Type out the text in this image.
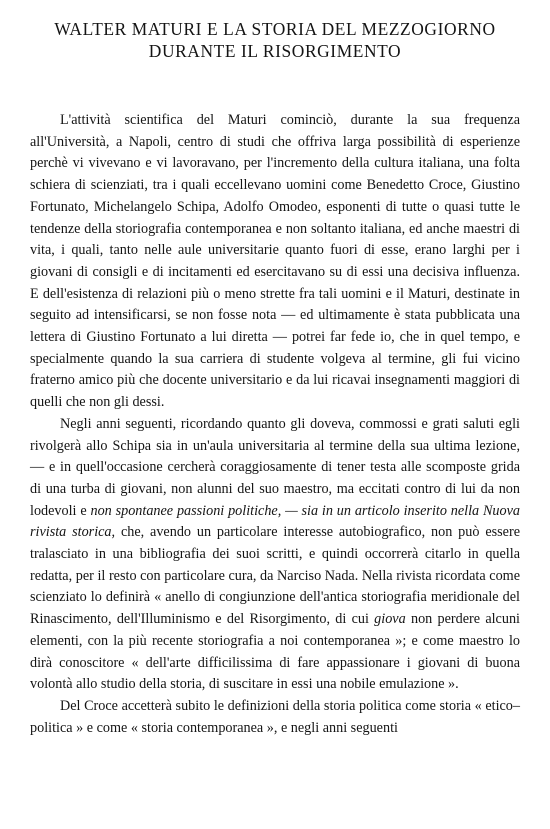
WALTER MATURI E LA STORIA DEL MEZZOGIORNO
DURANTE IL RISORGIMENTO

L'attività scientifica del Maturi cominciò, durante la sua frequenza all'Università, a Napoli, centro di studi che offriva larga possibilità di esperienze perchè vi vivevano e vi lavoravano, per l'incremento della cultura italiana, una folta schiera di scienziati, tra i quali eccellevano uomini come Benedetto Croce, Giustino Fortunato, Michelangelo Schipa, Adolfo Omodeo, esponenti di tutte o quasi tutte le tendenze della storiografia contemporanea e non soltanto italiana, ed anche maestri di vita, i quali, tanto nelle aule universitarie quanto fuori di esse, erano larghi per i giovani di consigli e di incitamenti ed esercitavano su di essi una decisiva influenza. E dell'esistenza di relazioni più o meno strette fra tali uomini e il Maturi, destinate in seguito ad intensificarsi, se non fosse nota — ed ultimamente è stata pubblicata una lettera di Giustino Fortunato a lui diretta — potrei far fede io, che in quel tempo, e specialmente quando la sua carriera di studente volgeva al termine, gli fui vicino fraterno amico più che docente universitario e da lui ricavai insegnamenti maggiori di quelli che non gli dessi.

Negli anni seguenti, ricordando quanto gli doveva, commossi e grati saluti egli rivolgerà allo Schipa sia in un'aula universitaria al termine della sua ultima lezione, — e in quell'occasione cercherà coraggiosamente di tener testa alle scomposte grida di una turba di giovani, non alunni del suo maestro, ma eccitati contro di lui da non lodevoli e non spontanee passioni politiche, — sia in un articolo inserito nella Nuova rivista storica, che, avendo un particolare interesse autobiografico, non può essere tralasciato in una bibliografia dei suoi scritti, e quindi occorrerà citarlo in quella redatta, per il resto con particolare cura, da Narciso Nada. Nella rivista ricordata come scienziato lo definirà « anello di congiunzione dell'antica storiografia meridionale del Rinascimento, dell'Illuminismo e del Risorgimento, di cui giova non perdere alcuni elementi, con la più recente storiografia a noi contemporanea »; e come maestro lo dirà conoscitore « dell'arte difficilissima di fare appassionare i giovani di buona volontà allo studio della storia, di suscitare in essi una nobile emulazione ».

Del Croce accetterà subito le definizioni della storia politica come storia « etico–politica » e come « storia contemporanea », e negli anni seguenti
